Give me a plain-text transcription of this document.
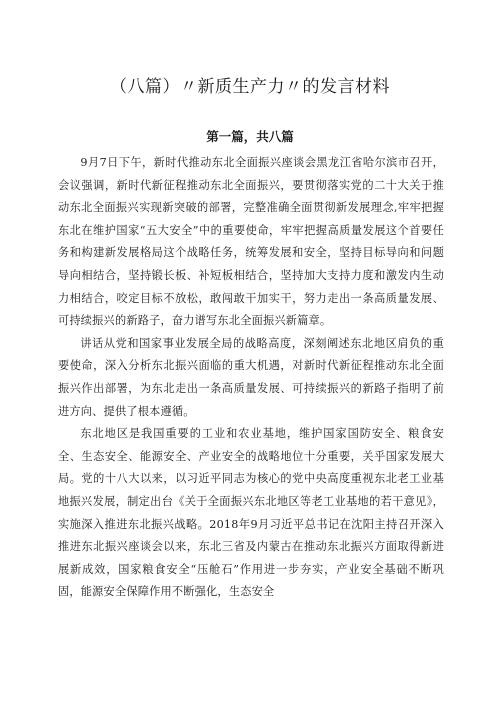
（八篇）〃新质生产力〃的发言材料
第一篇，共八篇

9月7日下午，新时代推动东北全面振兴座谈会黑龙江省哈尔滨市召开，会议强调，新时代新征程推动东北全面振兴，要贯彻落实党的二十大关于推动东北全面振兴实现新突破的部署，完整准确全面贯彻新发展理念,牢牢把握东北在维护国家“五大安全”中的重要使命，牢牢把握高质量发展这个首要任务和构建新发展格局这个战略任务，统筹发展和安全，坚持目标导向和问题导向相结合，坚持锻长板、补短板相结合，坚持加大支持力度和激发内生动力相结合，咬定目标不放松，敢闯敢干加实干，努力走出一条高质量发展、可持续振兴的新路子，奋力谱写东北全面振兴新篇章。

讲话从党和国家事业发展全局的战略高度，深刻阐述东北地区肩负的重要使命，深入分析东北振兴面临的重大机遇，对新时代新征程推动东北全面振兴作出部署，为东北走出一条高质量发展、可持续振兴的新路子指明了前进方向、提供了根本遵循。

东北地区是我国重要的工业和农业基地，维护国家国防安全、粮食安全、生态安全、能源安全、产业安全的战略地位十分重要，关乎国家发展大局。党的十八大以来，以习近平同志为核心的党中央高度重视东北老工业基地振兴发展，制定出台《关于全面振兴东北地区等老工业基地的若干意见》，实施深入推进东北振兴战略。2018年9月习近平总书记在沈阳主持召开深入推进东北振兴座谈会以来，东北三省及内蒙古在推动东北振兴方面取得新进展新成效，国家粮食安全“压舱石”作用进一步夯实，产业安全基础不断巩固，能源安全保障作用不断强化，生态安全
